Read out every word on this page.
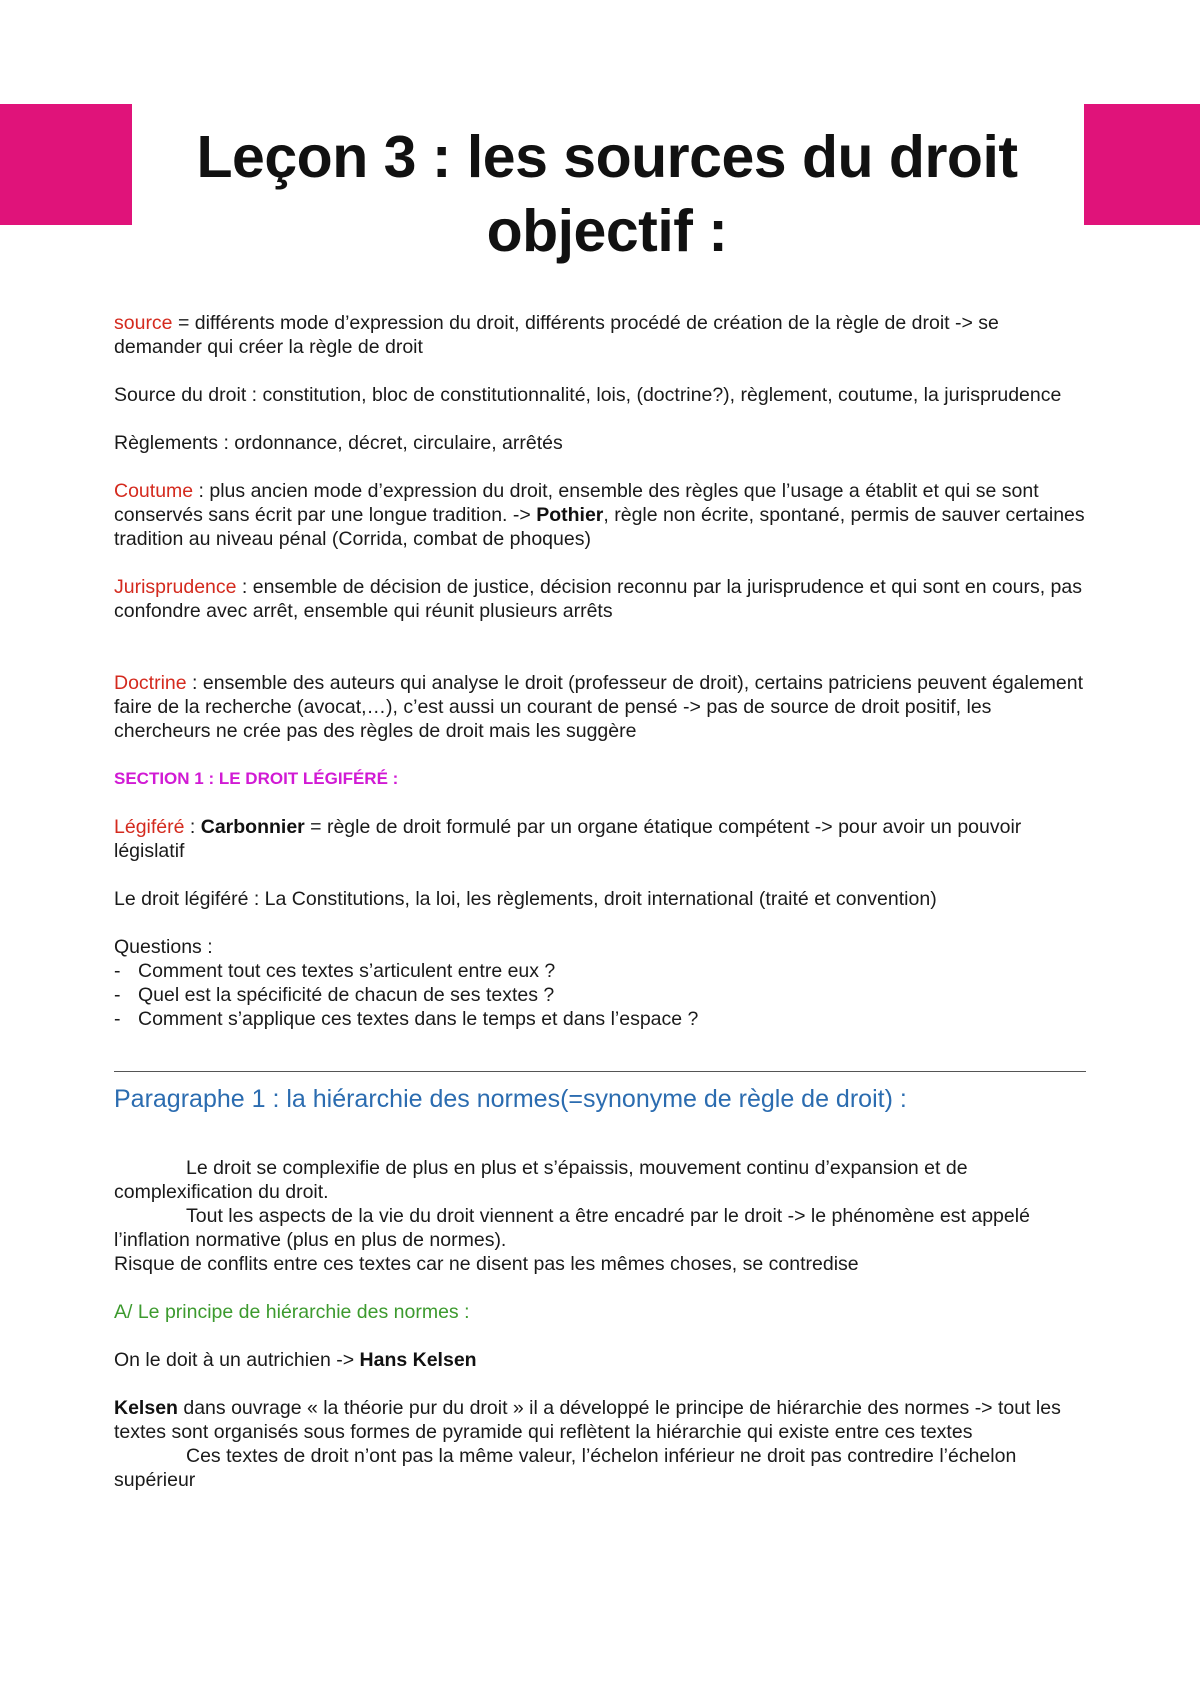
Leçon 3 : les sources du droit
objectif :

source = différents mode d’expression du droit, différents procédé de création de la règle de droit -> se demander qui créer la règle de droit

Source du droit : constitution, bloc de constitutionnalité, lois, (doctrine?), règlement, coutume, la jurisprudence

Règlements : ordonnance, décret, circulaire, arrêtés

Coutume : plus ancien mode d’expression du droit, ensemble des règles que l’usage a établit et qui se sont conservés sans écrit par une longue tradition. -> Pothier, règle non écrite, spontané, permis de sauver certaines tradition au niveau pénal (Corrida, combat de phoques)

Jurisprudence : ensemble de décision de justice, décision reconnu par la jurisprudence et qui sont en cours, pas confondre avec arrêt, ensemble qui réunit plusieurs arrêts

Doctrine : ensemble des auteurs qui analyse le droit (professeur de droit), certains patriciens peuvent également faire de la recherche (avocat,…), c’est aussi un courant de pensé -> pas de source de droit positif, les chercheurs ne crée pas des règles de droit mais les suggère

SECTION 1 : LE DROIT LÉGIFÉRÉ :

Légiféré : Carbonnier = règle de droit formulé par un organe étatique compétent -> pour avoir un pouvoir législatif

Le droit légiféré : La Constitutions, la loi, les règlements, droit international (traité et convention)

Questions :

- Comment tout ces textes s’articulent entre eux ?
- Quel est la spécificité de chacun de ses textes ?
- Comment s’applique ces textes dans le temps et dans l’espace ?

Paragraphe 1 : la hiérarchie des normes(=synonyme de règle de droit) :

Le droit se complexifie de plus en plus et s’épaissis, mouvement continu d’expansion et de complexification du droit.

Tout les aspects de la vie du droit viennent a être encadré par le droit -> le phénomène est appelé l’inflation normative (plus en plus de normes).

Risque de conflits entre ces textes car ne disent pas les mêmes choses, se contredise

A/ Le principe de hiérarchie des normes :

On le doit à un autrichien -> Hans Kelsen

Kelsen dans ouvrage « la théorie pur du droit » il a développé le principe de hiérarchie des normes -> tout les textes sont organisés sous formes de pyramide qui reflètent la hiérarchie qui existe entre ces textes

Ces textes de droit n’ont pas la même valeur, l’échelon inférieur ne droit pas contredire l’échelon supérieur
